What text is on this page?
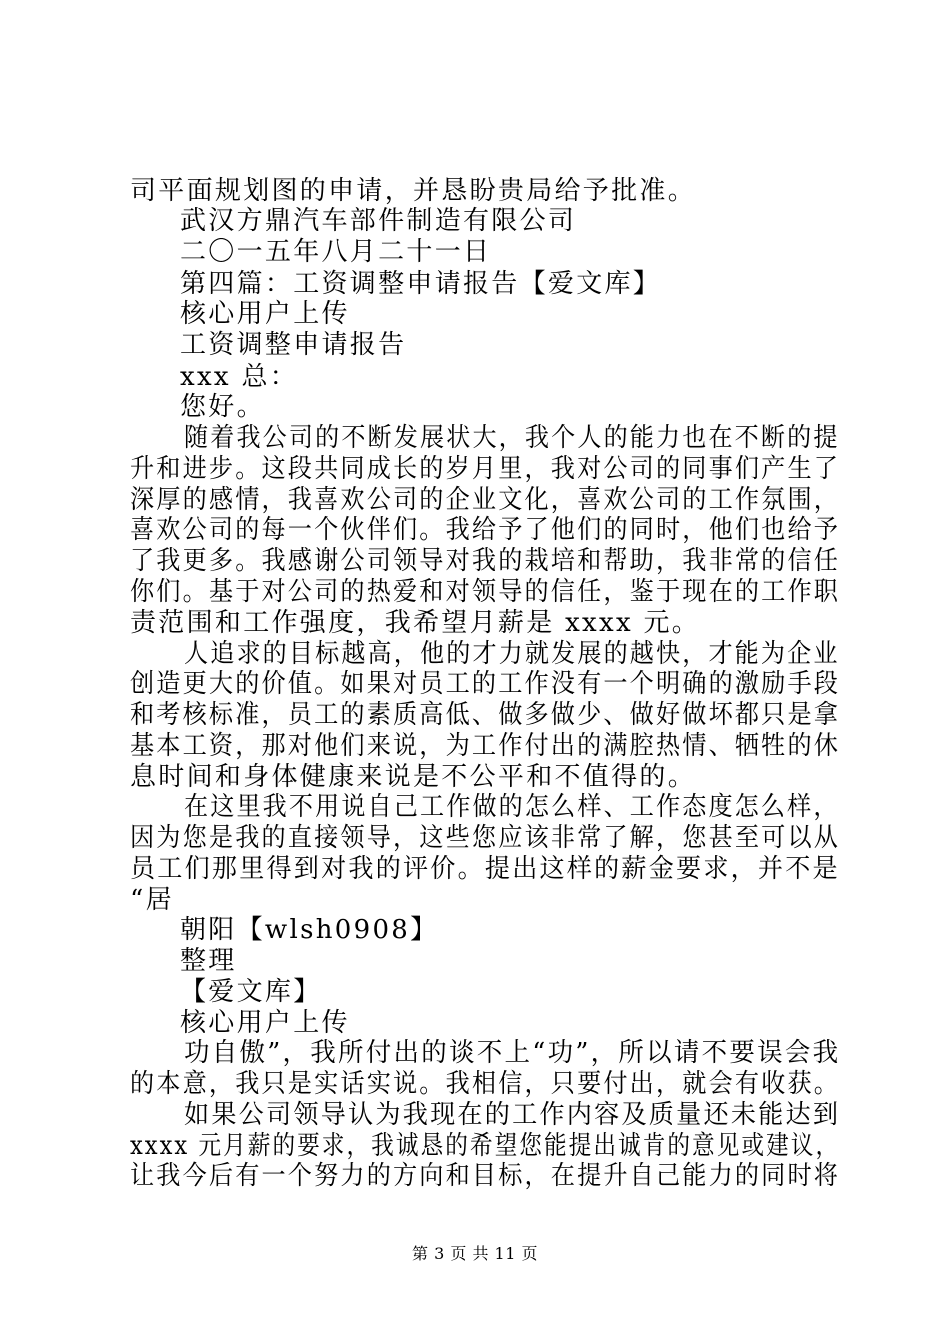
司平面规划图的申请，并恳盼贵局给予批准。
武汉方鼎汽车部件制造有限公司
二〇一五年八月二十一日
第四篇：工资调整申请报告【爱文库】
核心用户上传
工资调整申请报告
xxx 总：
您好。
随着我公司的不断发展状大，我个人的能力也在不断的提
升和进步。这段共同成长的岁月里，我对公司的同事们产生了
深厚的感情，我喜欢公司的企业文化，喜欢公司的工作氛围，
喜欢公司的每一个伙伴们。我给予了他们的同时，他们也给予
了我更多。我感谢公司领导对我的栽培和帮助，我非常的信任
你们。基于对公司的热爱和对领导的信任，鉴于现在的工作职
责范围和工作强度，我希望月薪是 xxxx 元。
人追求的目标越高，他的才力就发展的越快，才能为企业
创造更大的价值。如果对员工的工作没有一个明确的激励手段
和考核标准，员工的素质高低、做多做少、做好做坏都只是拿
基本工资，那对他们来说，为工作付出的满腔热情、牺牲的休
息时间和身体健康来说是不公平和不值得的。
在这里我不用说自己工作做的怎么样、工作态度怎么样，
因为您是我的直接领导，这些您应该非常了解，您甚至可以从
员工们那里得到对我的评价。提出这样的薪金要求，并不是
“居
朝阳【wlsh0908】
整理
【爱文库】
核心用户上传
功自傲”，我所付出的谈不上“功”，所以请不要误会我
的本意，我只是实话实说。我相信，只要付出，就会有收获。
如果公司领导认为我现在的工作内容及质量还未能达到
xxxx 元月薪的要求，我诚恳的希望您能提出诚肯的意见或建议，
让我今后有一个努力的方向和目标，在提升自己能力的同时将
第 3 页 共 11 页
